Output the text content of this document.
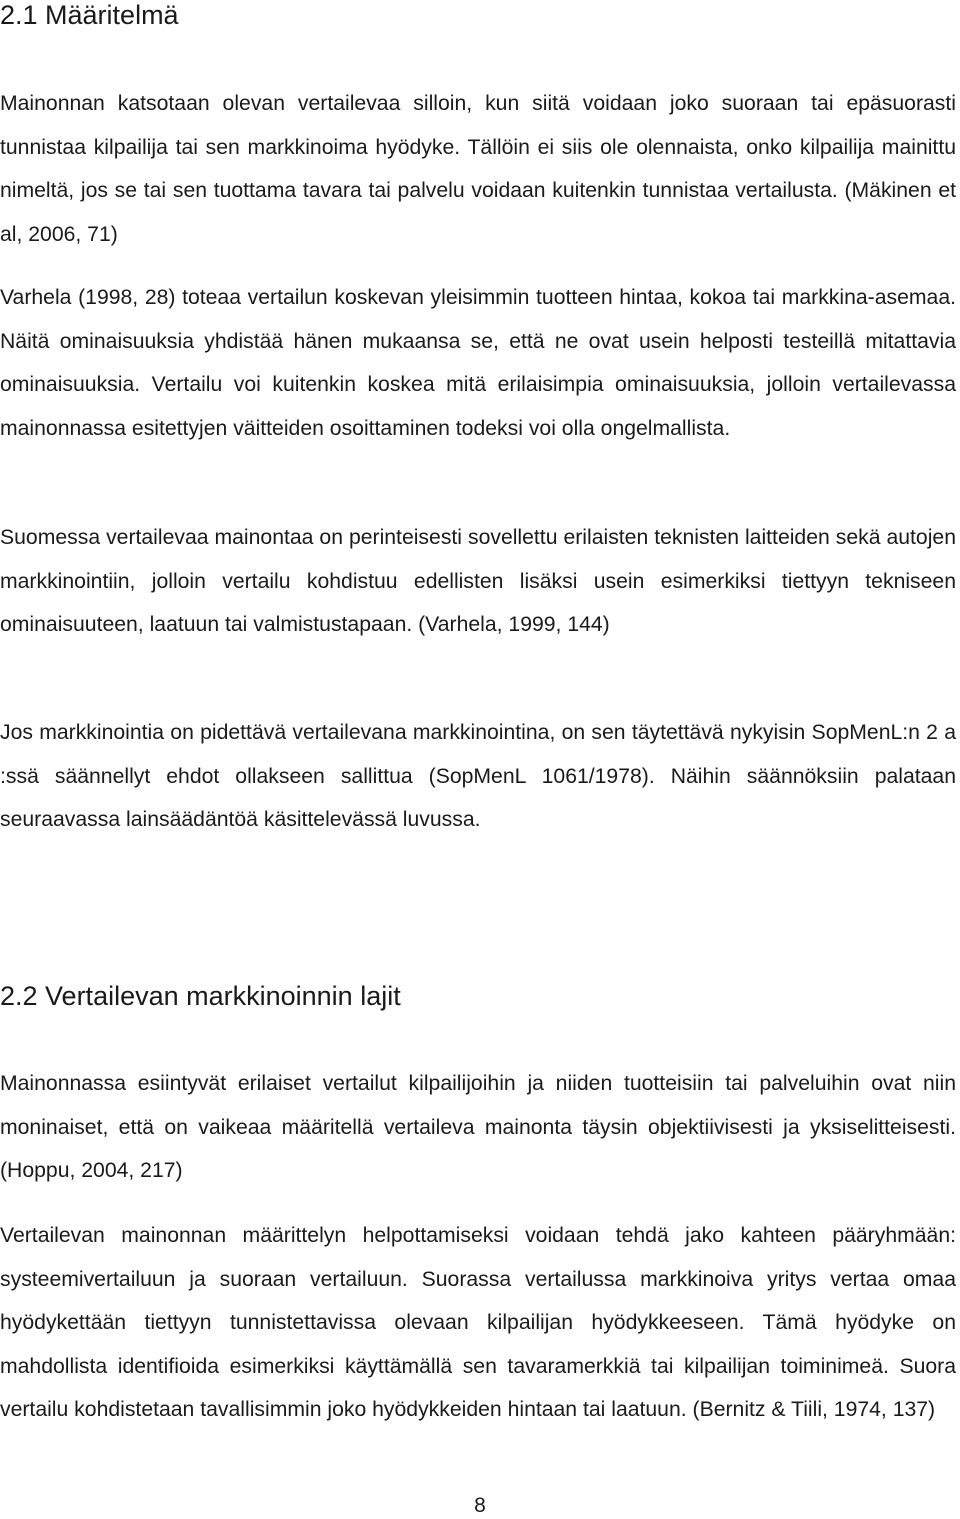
2.1 Määritelmä

Mainonnan katsotaan olevan vertailevaa silloin, kun siitä voidaan joko suoraan tai epäsuorasti tunnistaa kilpailija tai sen markkinoima hyödyke. Tällöin ei siis ole olennaista, onko kilpailija mainittu nimeltä, jos se tai sen tuottama tavara tai palvelu voidaan kuitenkin tunnistaa vertailusta. (Mäkinen et al, 2006, 71)

Varhela (1998, 28) toteaa vertailun koskevan yleisimmin tuotteen hintaa, kokoa tai markkina-asemaa. Näitä ominaisuuksia yhdistää hänen mukaansa se, että ne ovat usein helposti testeillä mitattavia ominaisuuksia. Vertailu voi kuitenkin koskea mitä erilaisimpia ominaisuuksia, jolloin vertailevassa mainonnassa esitettyjen väitteiden osoittaminen todeksi voi olla ongelmallista.

Suomessa vertailevaa mainontaa on perinteisesti sovellettu erilaisten teknisten laitteiden sekä autojen markkinointiin, jolloin vertailu kohdistuu edellisten lisäksi usein esimerkiksi tiettyyn tekniseen ominaisuuteen, laatuun tai valmistustapaan. (Varhela, 1999, 144)

Jos markkinointia on pidettävä vertailevana markkinointina, on sen täytettävä nykyisin SopMenL:n 2 a :ssä säännellyt ehdot ollakseen sallittua (SopMenL 1061/1978). Näihin säännöksiin palataan seuraavassa lainsäädäntöä käsittelevässä luvussa.

2.2 Vertailevan markkinoinnin lajit

Mainonnassa esiintyvät erilaiset vertailut kilpailijoihin ja niiden tuotteisiin tai palveluihin ovat niin moninaiset, että on vaikeaa määritellä vertaileva mainonta täysin objektiivisesti ja yksiselitteisesti. (Hoppu, 2004, 217)

Vertailevan mainonnan määrittelyn helpottamiseksi voidaan tehdä jako kahteen pääryhmään: systeemivertailuun ja suoraan vertailuun. Suorassa vertailussa markkinoiva yritys vertaa omaa hyödykettään tiettyyn tunnistettavissa olevaan kilpailijan hyödykkeeseen. Tämä hyödyke on mahdollista identifioida esimerkiksi käyttämällä sen tavaramerkkiä tai kilpailijan toiminimeä. Suora vertailu kohdistetaan tavallisimmin joko hyödykkeiden hintaan tai laatuun. (Bernitz & Tiili, 1974, 137)

8
